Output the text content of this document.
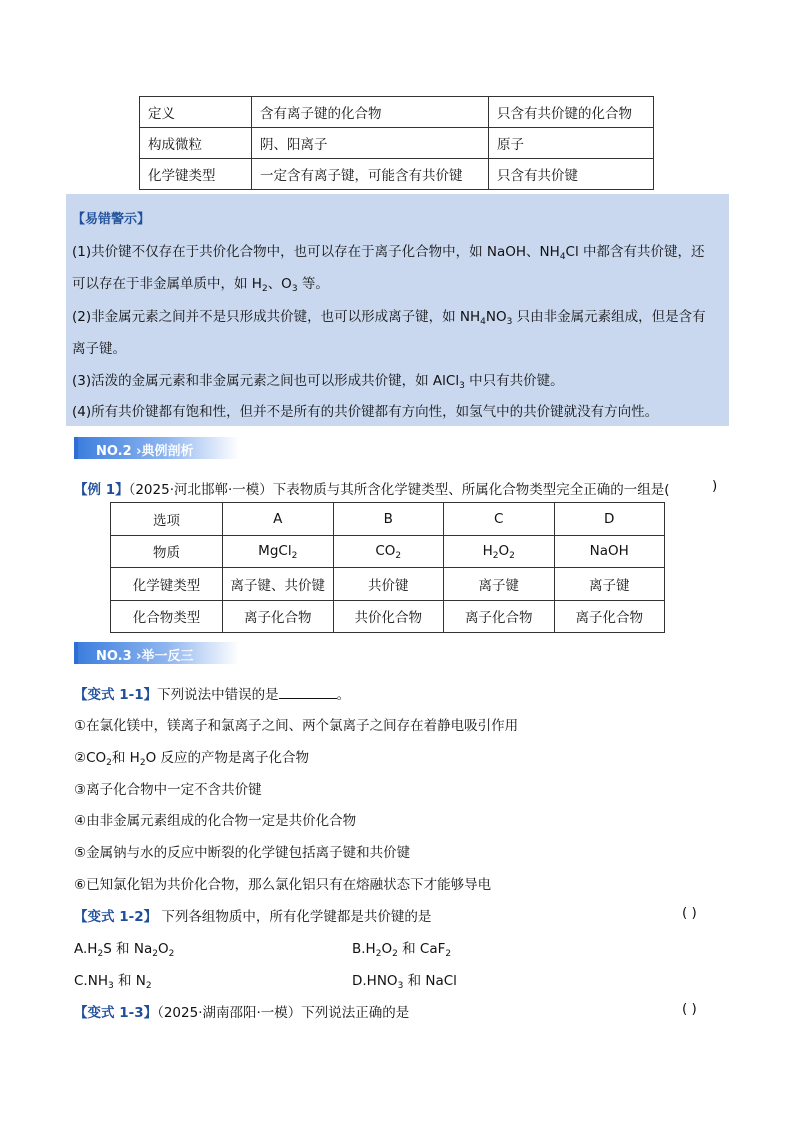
定义	含有离子键的化合物	只含有共价键的化合物
构成微粒	阴、阳离子	原子
化学键类型	一定含有离子键，可能含有共价键	只含有共价键
【易错警示】
(1)共价键不仅存在于共价化合物中，也可以存在于离子化合物中，如 NaOH、$NH_4Cl$ 中都含有共价键，还
可以存在于非金属单质中，如 $H_2$、$O_3$ 等。
(2)非金属元素之间并不是只形成共价键，也可以形成离子键，如 $NH_4NO_3$ 只由非金属元素组成，但是含有
离子键。
(3)活泼的金属元素和非金属元素之间也可以形成共价键，如 AlCl$_3$ 中只有共价键。
(4)所有共价键都有饱和性，但并不是所有的共价键都有方向性，如氢气中的共价键就没有方向性。
NO.2 ›典例剖析
【例 1】（2025·河北邯郸·一模）下表物质与其所含化学键类型、所属化合物类型完全正确的一组是(	)
选项	A	B	C	D
物质	MgCl$_2$	$CO_2$	$H_2O_2$	NaOH
化学键类型	离子键、共价键	共价键	离子键	离子键
化合物类型	离子化合物	共价化合物	离子化合物	离子化合物
NO.3 ›举一反三
【变式 1-1】下列说法中错误的是	。
①在氯化镁中，镁离子和氯离子之间、两个氯离子之间存在着静电吸引作用
$②CO_2$和 $H_2O$ 反应的产物是离子化合物
③离子化合物中一定不含共价键
④由非金属元素组成的化合物一定是共价化合物
⑤金属钠与水的反应中断裂的化学键包括离子键和共价键
⑥已知氯化铝为共价化合物，那么氯化铝只有在熔融状态下才能够导电
【变式 1-2】 下列各组物质中，所有化学键都是共价键的是	( )
$A.H_2S$ 和 $Na_2O_2$	$B.H_2O_2$ 和 CaF$_2$
$C.NH_3$ 和 $N_2$	$D.HNO_3$ 和 NaCl
【变式 1-3】（2025·湖南邵阳·一模）下列说法正确的是	( )
